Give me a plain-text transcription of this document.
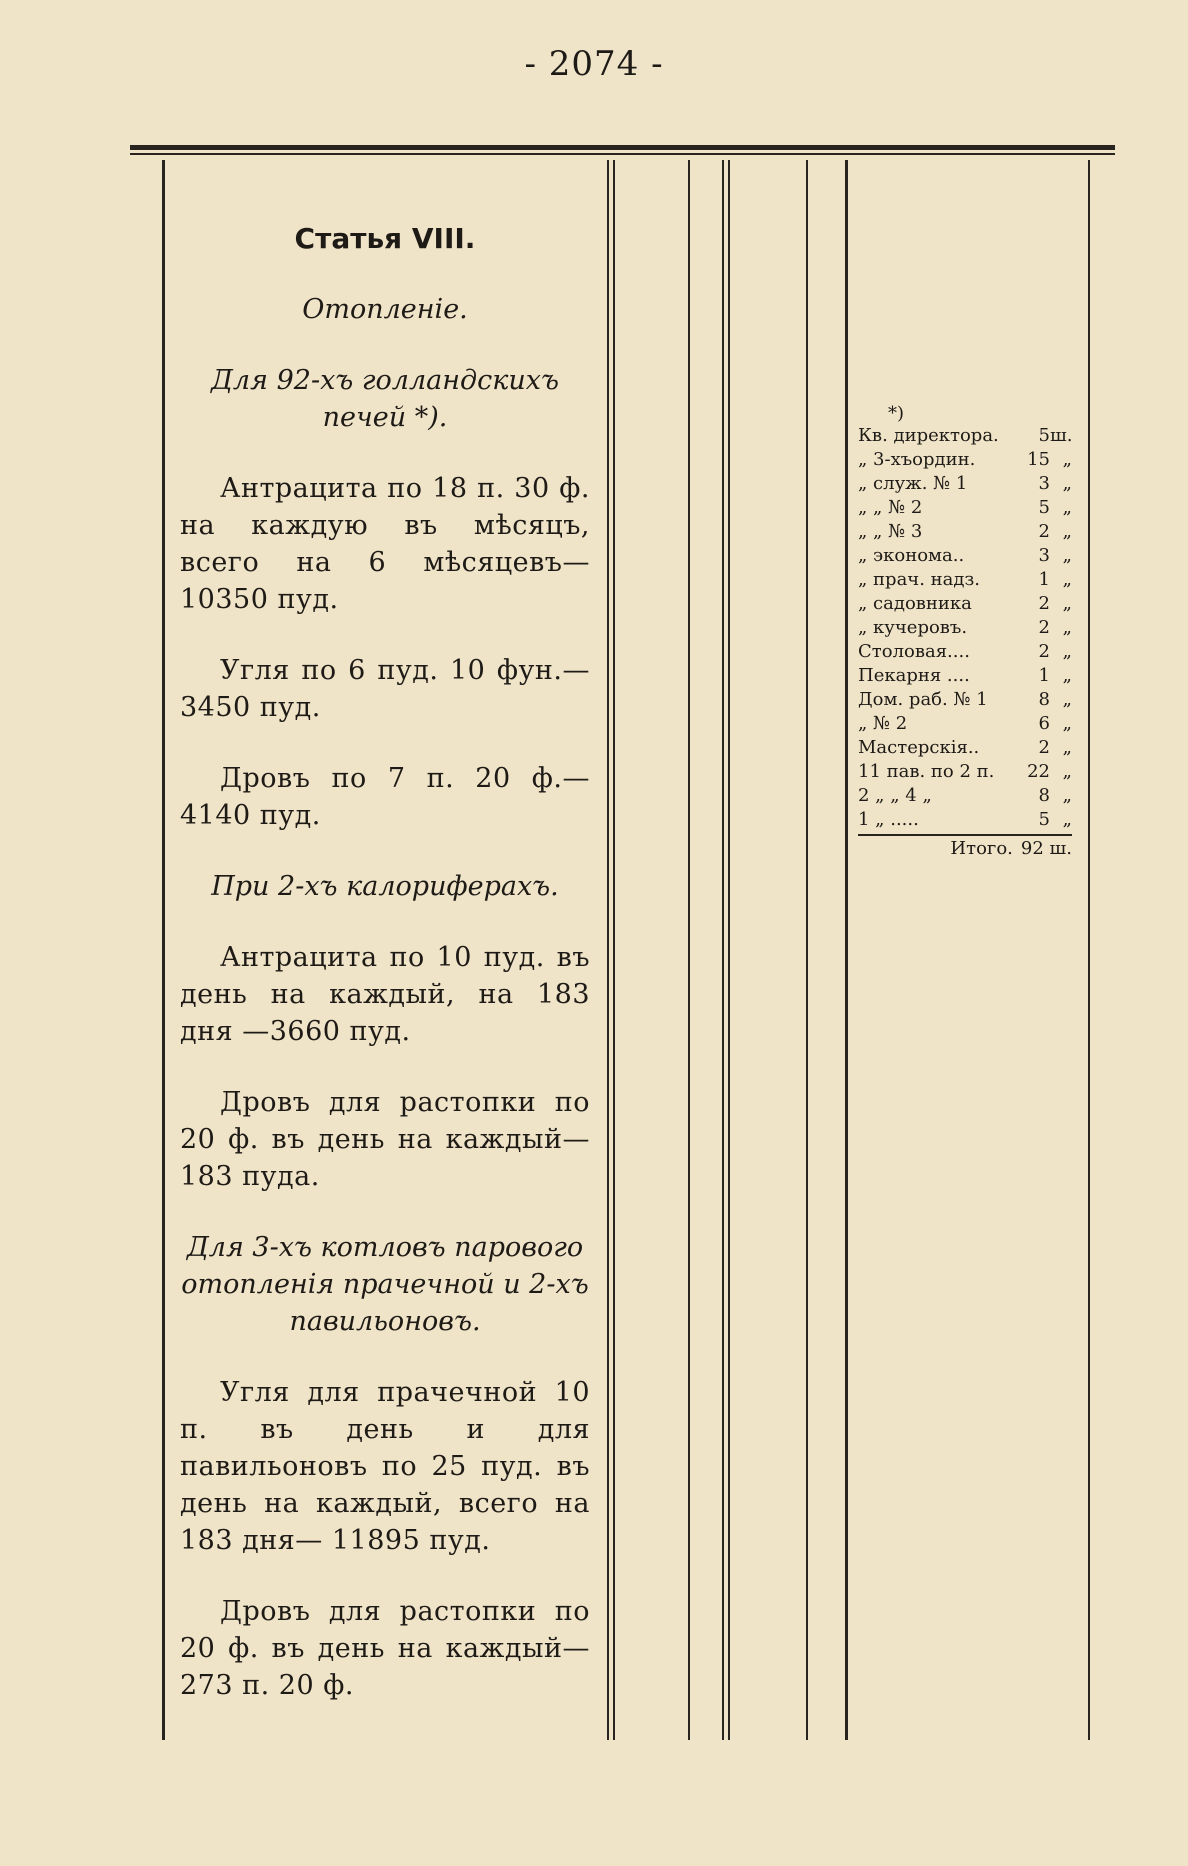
- 2074 -
Статья VIII.
Отопленіе.
Для 92-хъ голландскихъ печей *).
Антрацита по 18 п. 30 ф. на каждую въ мѣсяцъ, всего на 6 мѣсяцевъ—10350 пуд.
Угля по 6 пуд. 10 фун.— 3450 пуд.
Дровъ по 7 п. 20 ф.— 4140 пуд.
При 2-хъ калориферахъ.
Антрацита по 10 пуд. въ день на каждый, на 183 дня —3660 пуд.
Дровъ для растопки по 20 ф. въ день на каждый— 183 пуда.
Для 3-хъ котловъ парового отопленія прачечной и 2-хъ павильоновъ.
Угля для прачечной 10 п. въ день и для павильоновъ по 25 пуд. въ день на каждый, всего на 183 дня— 11895 пуд.
Дровъ для растопки по 20 ф. въ день на каждый— 273 п. 20 ф.
*)
Кв. директора.	5 ш.
„ 3-хъордин.	15 „
„ служ. № 1	3 „
„ „ № 2	5 „
„ „ № 3	2 „
„ эконома..	3 „
„ прач. надз.	1 „
„ садовника	2 „
„ кучеровъ.	2 „
Столовая....	2 „
Пекарня ....	1 „
Дом. раб. № 1	8 „
„ № 2	6 „
Мастерскія..	2 „
11 пав. по 2 п.	22 „
2 „ „ 4 „	8 „
1 „ .....	5 „
Итого. 92 ш.
